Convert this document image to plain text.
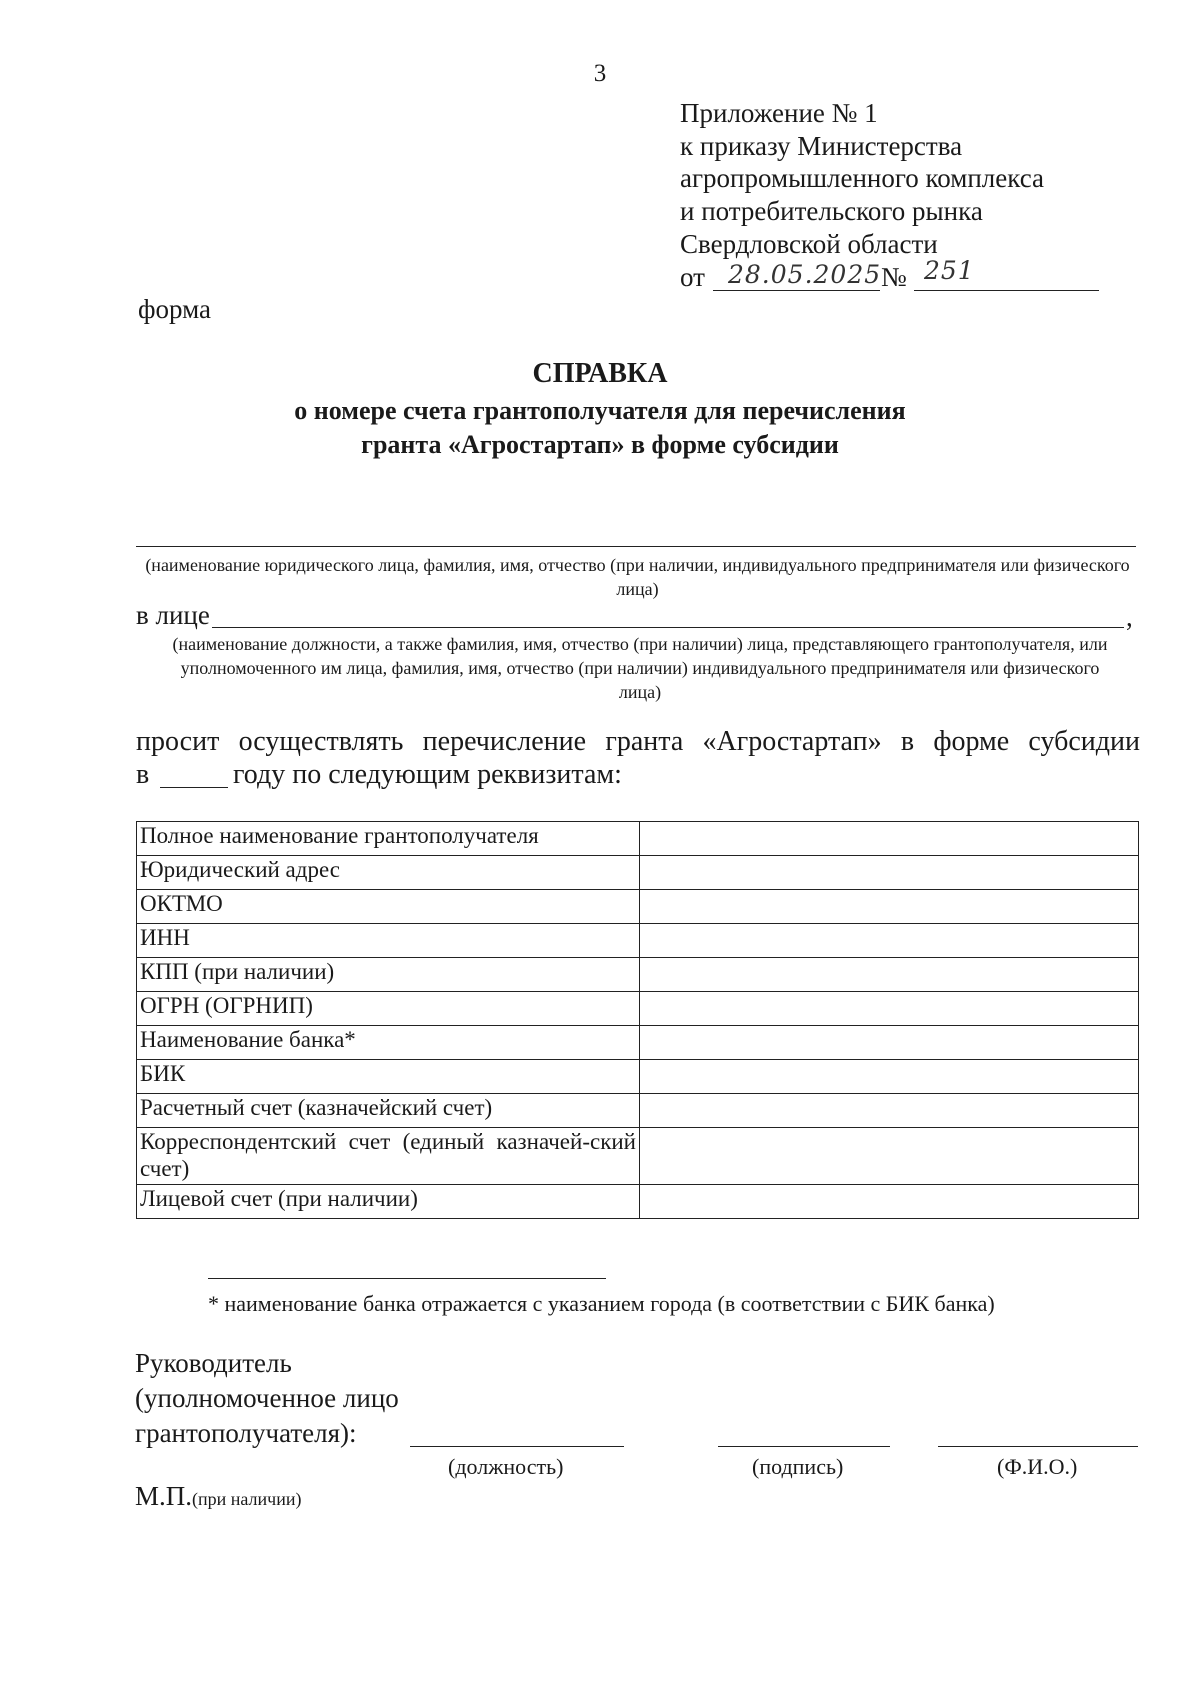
3
Приложение № 1
к приказу Министерства
агропромышленного комплекса
и потребительского рынка
Свердловской области
от 28.05.2025 № 251
форма
СПРАВКА
о номере счета грантополучателя для перечисления
гранта «Агростартап» в форме субсидии
(наименование юридического лица, фамилия, имя, отчество (при наличии, индивидуального предпринимателя или физического лица)
в лице	,
(наименование должности, а также фамилия, имя, отчество (при наличии) лица, представляющего грантополучателя, или уполномоченного им лица, фамилия, имя, отчество (при наличии) индивидуального предпринимателя или физического лица)
просит осуществлять перечисление гранта «Агростартап» в форме субсидии
в	году по следующим реквизитам:
Полное наименование грантополучателя	
Юридический адрес	
ОКТМО	
ИНН	
КПП (при наличии)	
ОГРН (ОГРНИП)	
Наименование банка*	
БИК	
Расчетный счет (казначейский счет)	
Корреспондентский счет (единый казначей-ский счет)	
Лицевой счет (при наличии)	
* наименование банка отражается с указанием города (в соответствии с БИК банка)
Руководитель
(уполномоченное лицо
грантополучателя):
(должность)	(подпись)	(Ф.И.О.)
М.П.(при наличии)
